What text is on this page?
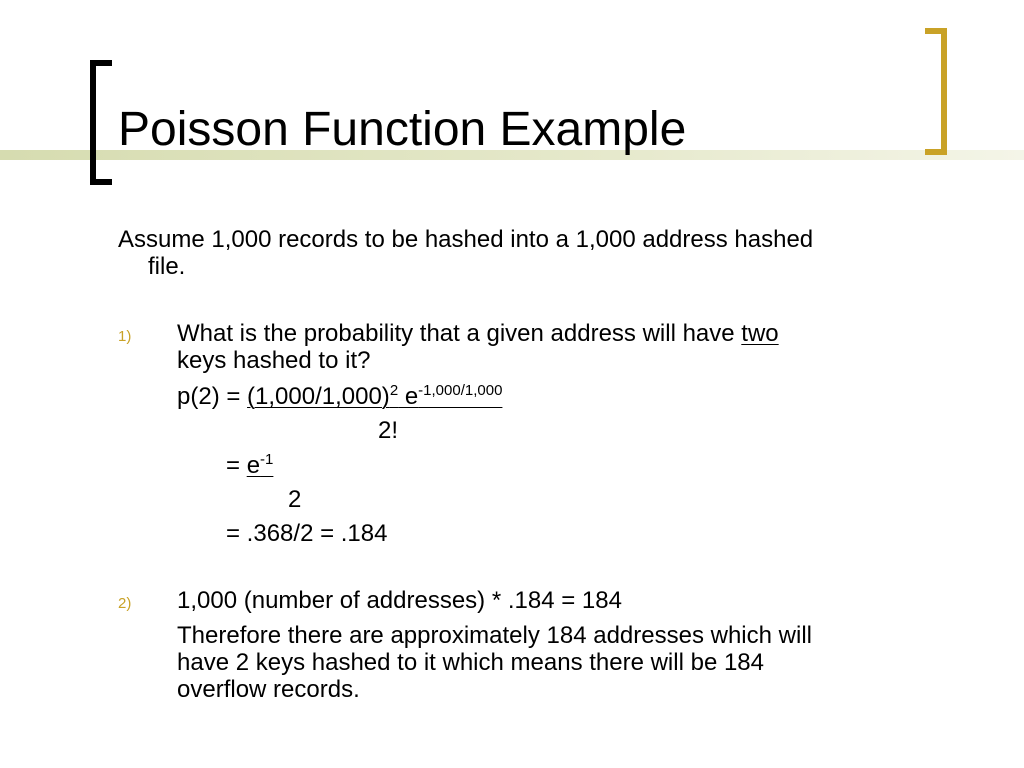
Poisson Function Example
Assume 1,000 records to be hashed into a 1,000 address hashed
file.
1) What is the probability that a given address will have two
keys hashed to it?
$p(2) = (1,000/1,000)^2$ $e^{-1,000/1,000}$
2!
= $e^{-1}$
2
= .368/2 = .184
2) 1,000 (number of addresses) * .184 = 184
Therefore there are approximately 184 addresses which will
have 2 keys hashed to it which means there will be 184
overflow records.
